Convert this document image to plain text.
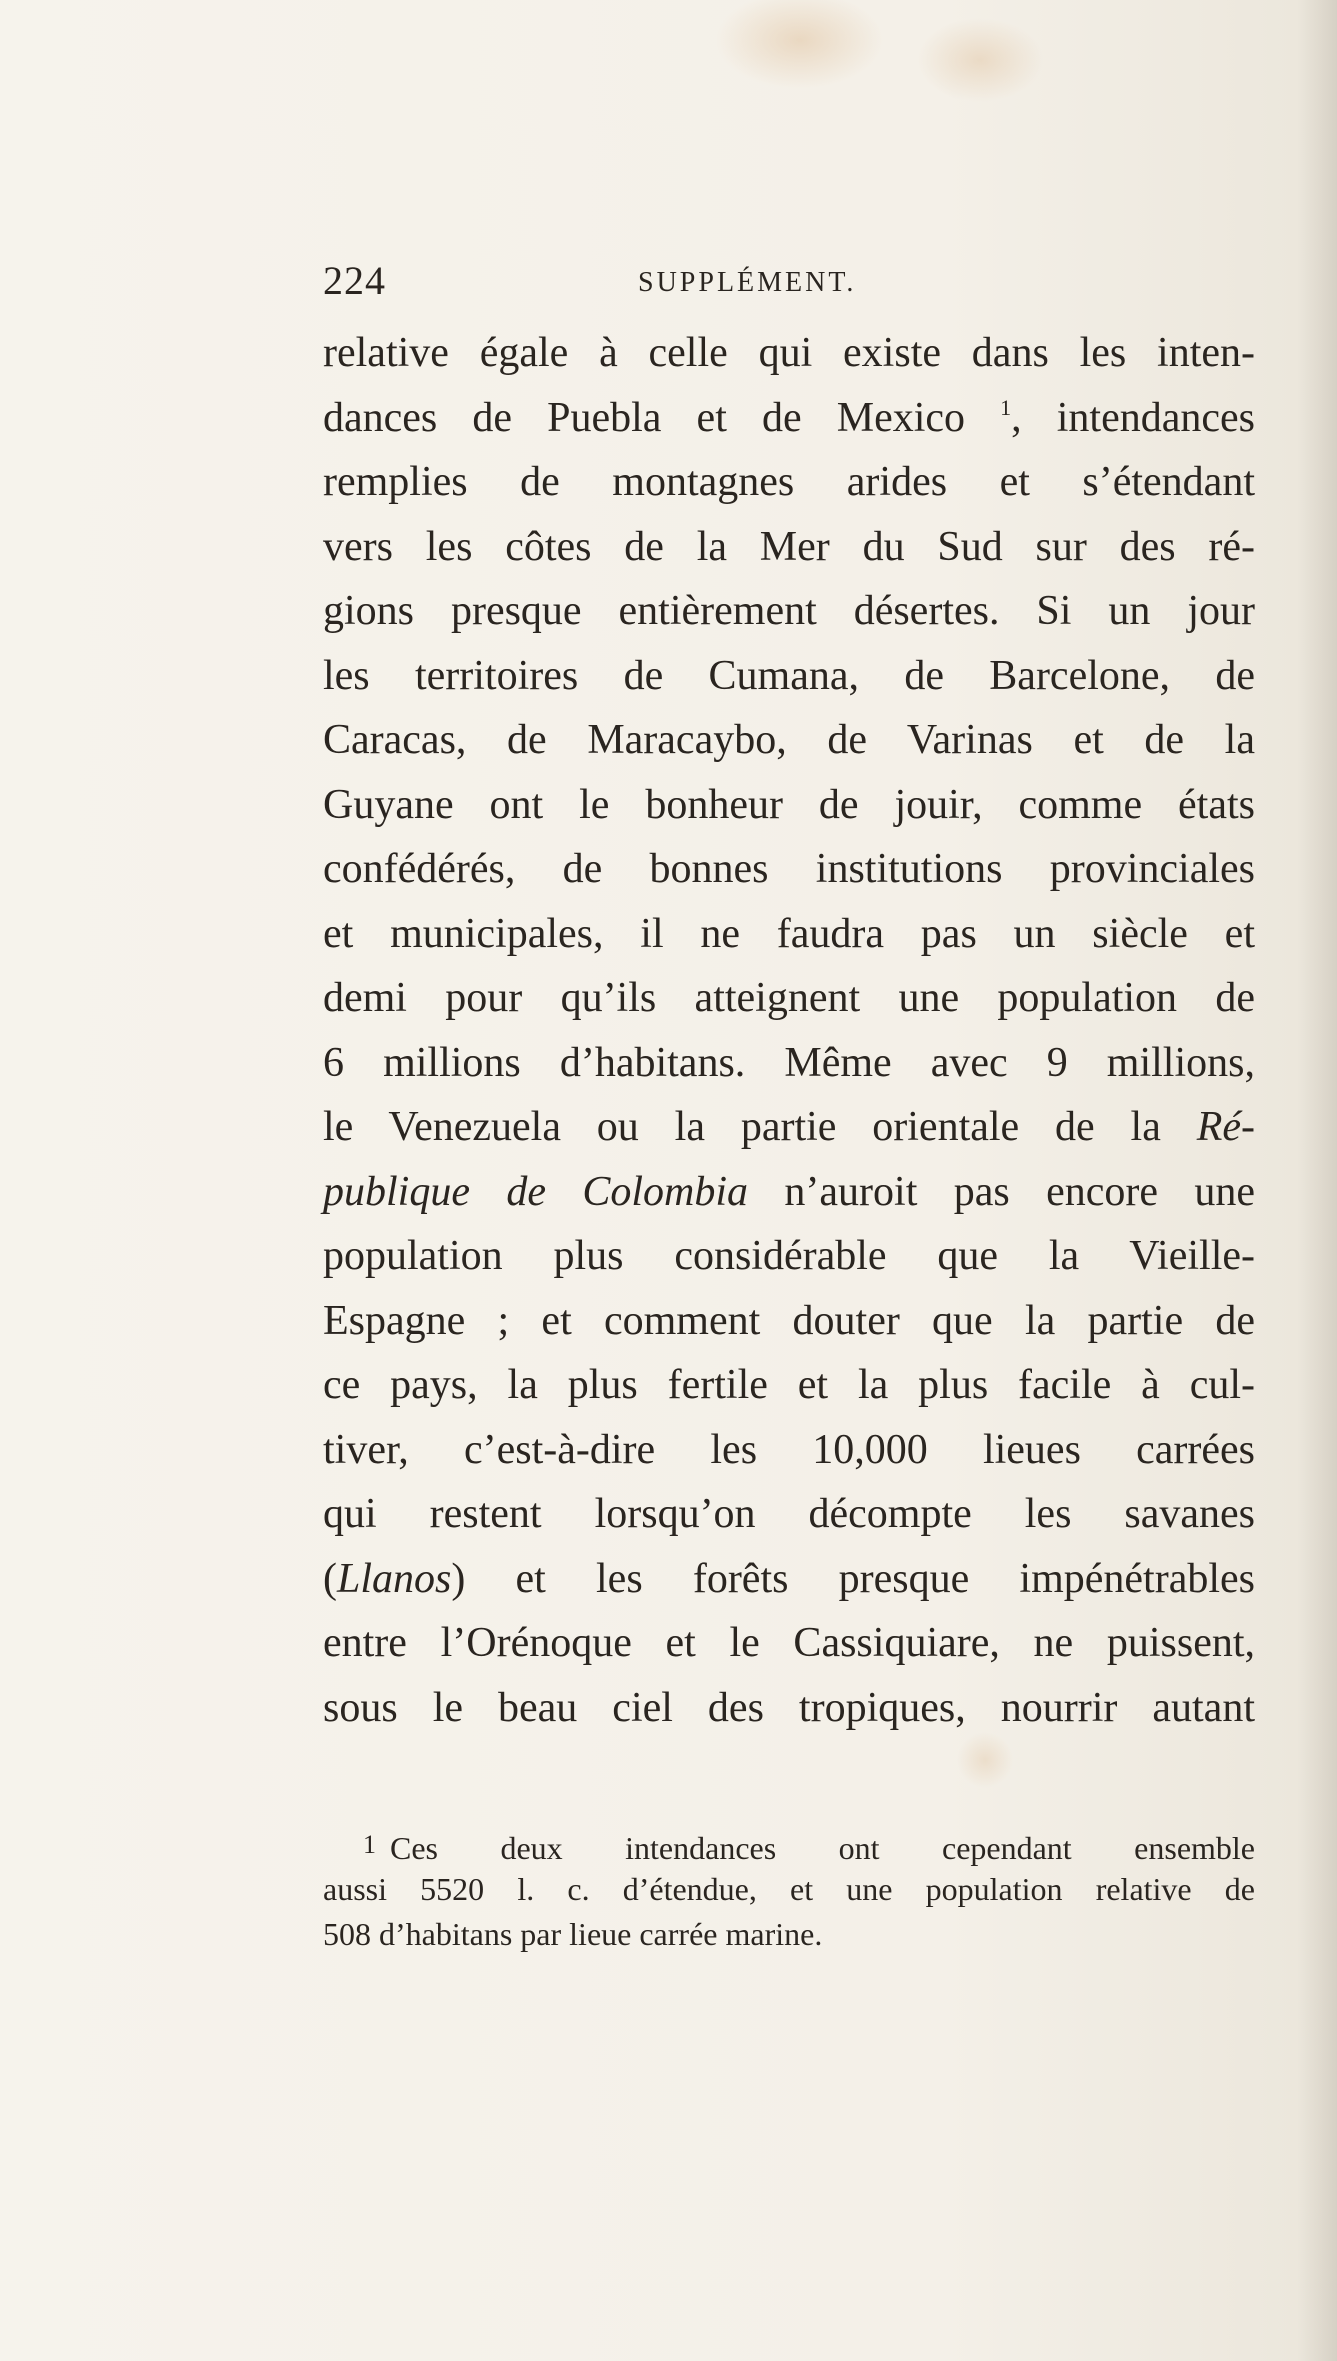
224	SUPPLÉMENT.
relative égale à celle qui existe dans les inten-
dances de Puebla et de Mexico $^1$, intendances
remplies de montagnes arides et s’étendant
vers les côtes de la Mer du Sud sur des ré-
gions presque entièrement désertes. Si un jour
les territoires de Cumana, de Barcelone, de
Caracas, de Maracaybo, de Varinas et de la
Guyane ont le bonheur de jouir, comme états
confédérés, de bonnes institutions provinciales
et municipales, il ne faudra pas un siècle et
demi pour qu’ils atteignent une population de
6 millions d’habitans. Même avec 9 millions,
le Venezuela ou la partie orientale de la Ré-
publique de Colombia n’auroit pas encore une
population plus considérable que la Vieille-
Espagne ; et comment douter que la partie de
ce pays, la plus fertile et la plus facile à cul-
tiver, c’est-à-dire les 10,000 lieues carrées
qui restent lorsqu’on décompte les savanes
(Llanos) et les forêts presque impénétrables
entre l’Orénoque et le Cassiquiare, ne puissent,
sous le beau ciel des tropiques, nourrir autant
1 Ces deux intendances ont cependant ensemble
aussi 5520 l. c. d’étendue, et une population relative de
508 d’habitans par lieue carrée marine.
